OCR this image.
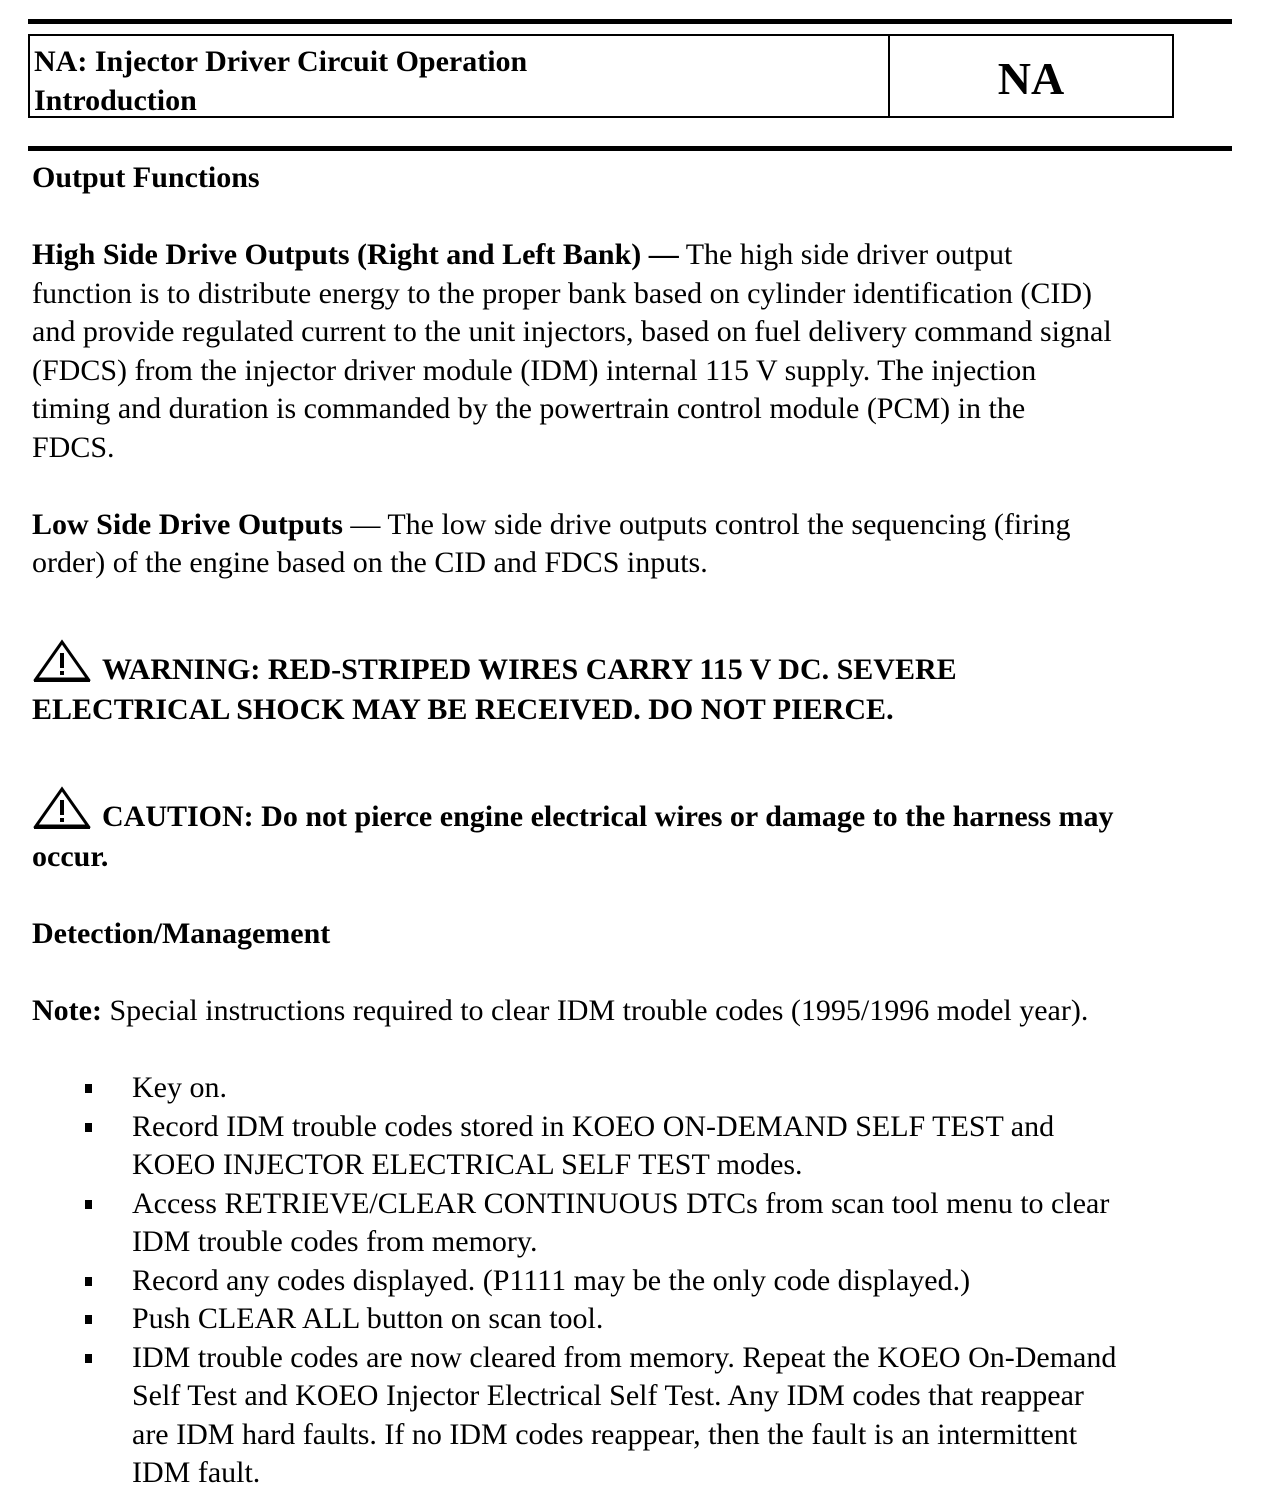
NA: Injector Driver Circuit Operation
Introduction	NA

Output Functions

High Side Drive Outputs (Right and Left Bank) — The high side driver output

function is to distribute energy to the proper bank based on cylinder identification (CID)

and provide regulated current to the unit injectors, based on fuel delivery command signal

(FDCS) from the injector driver module (IDM) internal 115 V supply. The injection

timing and duration is commanded by the powertrain control module (PCM) in the

FDCS.

Low Side Drive Outputs — The low side drive outputs control the sequencing (firing

order) of the engine based on the CID and FDCS inputs.

WARNING: RED-STRIPED WIRES CARRY 115 V DC. SEVERE

ELECTRICAL SHOCK MAY BE RECEIVED. DO NOT PIERCE.

CAUTION: Do not pierce engine electrical wires or damage to the harness may

occur.

Detection/Management

Note: Special instructions required to clear IDM trouble codes (1995/1996 model year).

Key on.
Record IDM trouble codes stored in KOEO ON-DEMAND SELF TEST and
KOEO INJECTOR ELECTRICAL SELF TEST modes.
Access RETRIEVE/CLEAR CONTINUOUS DTCs from scan tool menu to clear
IDM trouble codes from memory.
Record any codes displayed. (P1111 may be the only code displayed.)
Push CLEAR ALL button on scan tool.
IDM trouble codes are now cleared from memory. Repeat the KOEO On-Demand
Self Test and KOEO Injector Electrical Self Test. Any IDM codes that reappear
are IDM hard faults. If no IDM codes reappear, then the fault is an intermittent
IDM fault.
